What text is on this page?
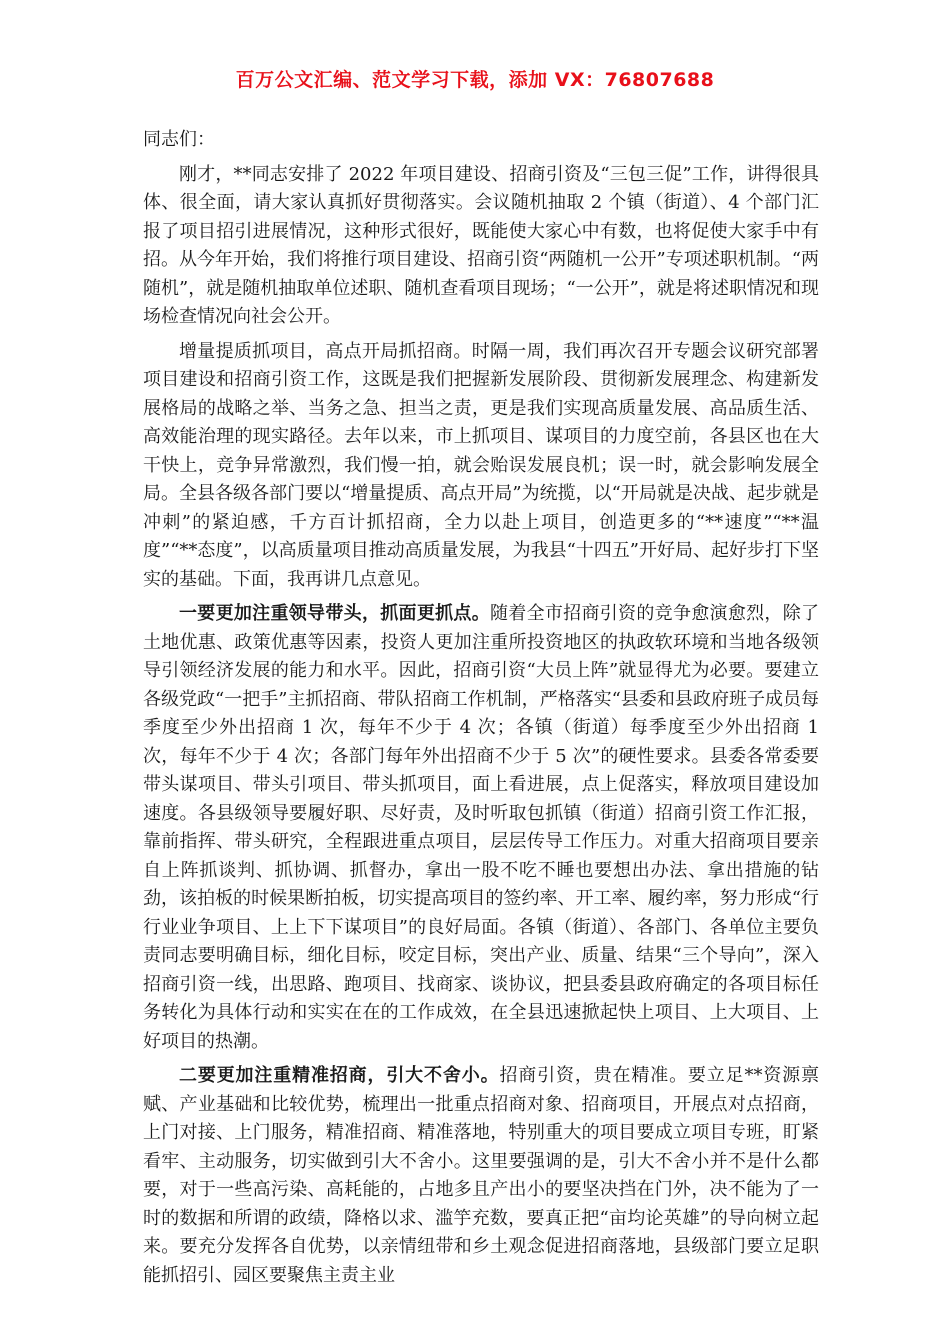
百万公文汇编、范文学习下载，添加 VX：76807688

同志们：

刚才，**同志安排了 2022 年项目建设、招商引资及“三包三促”工作，讲得很具体、很全面，请大家认真抓好贯彻落实。会议随机抽取 2 个镇（街道）、4 个部门汇报了项目招引进展情况，这种形式很好，既能使大家心中有数，也将促使大家手中有招。从今年开始，我们将推行项目建设、招商引资“两随机一公开”专项述职机制。“两随机”，就是随机抽取单位述职、随机查看项目现场；“一公开”，就是将述职情况和现场检查情况向社会公开。

增量提质抓项目，高点开局抓招商。时隔一周，我们再次召开专题会议研究部署项目建设和招商引资工作，这既是我们把握新发展阶段、贯彻新发展理念、构建新发展格局的战略之举、当务之急、担当之责，更是我们实现高质量发展、高品质生活、高效能治理的现实路径。去年以来，市上抓项目、谋项目的力度空前，各县区也在大干快上，竞争异常激烈，我们慢一拍，就会贻误发展良机；误一时，就会影响发展全局。全县各级各部门要以“增量提质、高点开局”为统揽，以“开局就是决战、起步就是冲刺”的紧迫感，千方百计抓招商，全力以赴上项目，创造更多的“**速度”“**温度”“**态度”，以高质量项目推动高质量发展，为我县“十四五”开好局、起好步打下坚实的基础。下面，我再讲几点意见。

一要更加注重领导带头，抓面更抓点。随着全市招商引资的竞争愈演愈烈，除了土地优惠、政策优惠等因素，投资人更加注重所投资地区的执政软环境和当地各级领导引领经济发展的能力和水平。因此，招商引资“大员上阵”就显得尤为必要。要建立各级党政“一把手”主抓招商、带队招商工作机制，严格落实“县委和县政府班子成员每季度至少外出招商 1 次，每年不少于 4 次；各镇（街道）每季度至少外出招商 1 次，每年不少于 4 次；各部门每年外出招商不少于 5 次”的硬性要求。县委各常委要带头谋项目、带头引项目、带头抓项目，面上看进展，点上促落实，释放项目建设加速度。各县级领导要履好职、尽好责，及时听取包抓镇（街道）招商引资工作汇报，靠前指挥、带头研究，全程跟进重点项目，层层传导工作压力。对重大招商项目要亲自上阵抓谈判、抓协调、抓督办，拿出一股不吃不睡也要想出办法、拿出措施的钻劲，该拍板的时候果断拍板，切实提高项目的签约率、开工率、履约率，努力形成“行行业业争项目、上上下下谋项目”的良好局面。各镇（街道）、各部门、各单位主要负责同志要明确目标，细化目标，咬定目标，突出产业、质量、结果“三个导向”，深入招商引资一线，出思路、跑项目、找商家、谈协议，把县委县政府确定的各项目标任务转化为具体行动和实实在在的工作成效，在全县迅速掀起快上项目、上大项目、上好项目的热潮。

二要更加注重精准招商，引大不舍小。招商引资，贵在精准。要立足**资源禀赋、产业基础和比较优势，梳理出一批重点招商对象、招商项目，开展点对点招商，上门对接、上门服务，精准招商、精准落地，特别重大的项目要成立项目专班，盯紧看牢、主动服务，切实做到引大不舍小。这里要强调的是，引大不舍小并不是什么都要，对于一些高污染、高耗能的，占地多且产出小的要坚决挡在门外，决不能为了一时的数据和所谓的政绩，降格以求、滥竽充数，要真正把“亩均论英雄”的导向树立起来。要充分发挥各自优势，以亲情纽带和乡土观念促进招商落地，县级部门要立足职能抓招引、园区要聚焦主责主业
